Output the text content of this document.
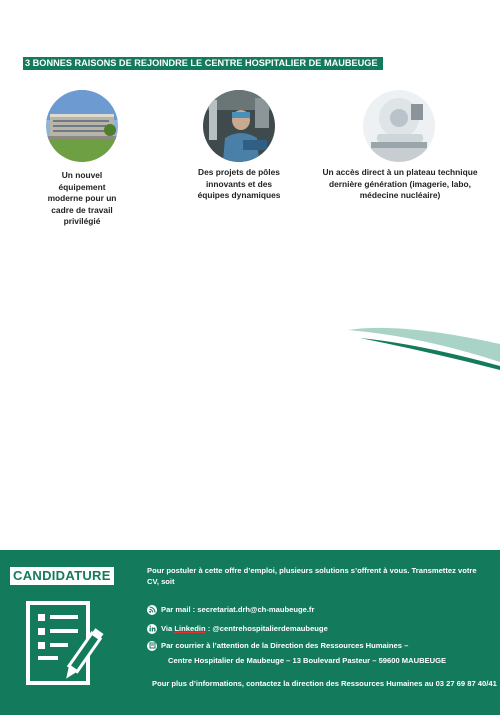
3 BONNES RAISONS DE REJOINDRE LE CENTRE HOSPITALIER DE MAUBEUGE
Un nouvel équipement moderne pour un cadre de travail privilégié
Des projets de pôles innovants et des équipes dynamiques
Un accès direct à un plateau technique dernière génération (imagerie, labo, médecine nucléaire)
CANDIDATURE	Pour postuler à cette offre d’emploi, plusieurs solutions s’offrent à vous. Transmettez votre CV, soit
Par mail : secretariat.drh@ch-maubeuge.fr
Via Linkedin : @centrehospitalierdemaubeuge
Par courrier à l’attention de la Direction des Ressources Humaines –
Centre Hospitalier de Maubeuge – 13 Boulevard Pasteur – 59600 MAUBEUGE
Pour plus d’informations, contactez la direction des Ressources Humaines au 03 27 69 87 40/41
